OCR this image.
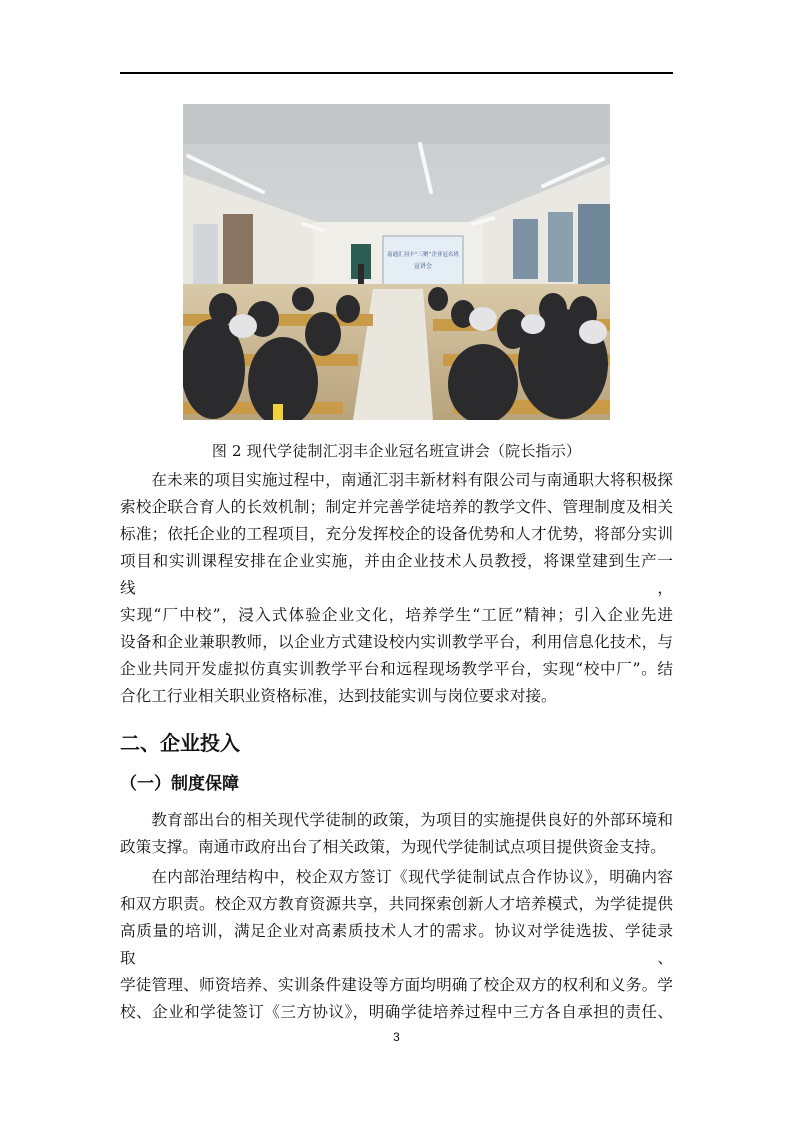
南通汇羽丰“三聚”企业冠名班
宣讲会
图 2 现代学徒制汇羽丰企业冠名班宣讲会（院长指示）
在未来的项目实施过程中，南通汇羽丰新材料有限公司与南通职大将积极探
索校企联合育人的长效机制；制定并完善学徒培养的教学文件、管理制度及相关
标准；依托企业的工程项目，充分发挥校企的设备优势和人才优势，将部分实训
项目和实训课程安排在企业实施，并由企业技术人员教授，将课堂建到生产一线，
实现“厂中校”，浸入式体验企业文化，培养学生“工匠”精神；引入企业先进
设备和企业兼职教师，以企业方式建设校内实训教学平台，利用信息化技术，与
企业共同开发虚拟仿真实训教学平台和远程现场教学平台，实现“校中厂”。结
合化工行业相关职业资格标准，达到技能实训与岗位要求对接。
二、企业投入
（一）制度保障
教育部出台的相关现代学徒制的政策，为项目的实施提供良好的外部环境和
政策支撑。南通市政府出台了相关政策，为现代学徒制试点项目提供资金支持。
在内部治理结构中，校企双方签订《现代学徒制试点合作协议》，明确内容
和双方职责。校企双方教育资源共享，共同探索创新人才培养模式，为学徒提供
高质量的培训，满足企业对高素质技术人才的需求。协议对学徒选拔、学徒录取、
学徒管理、师资培养、实训条件建设等方面均明确了校企双方的权利和义务。学
校、企业和学徒签订《三方协议》，明确学徒培养过程中三方各自承担的责任、
3
